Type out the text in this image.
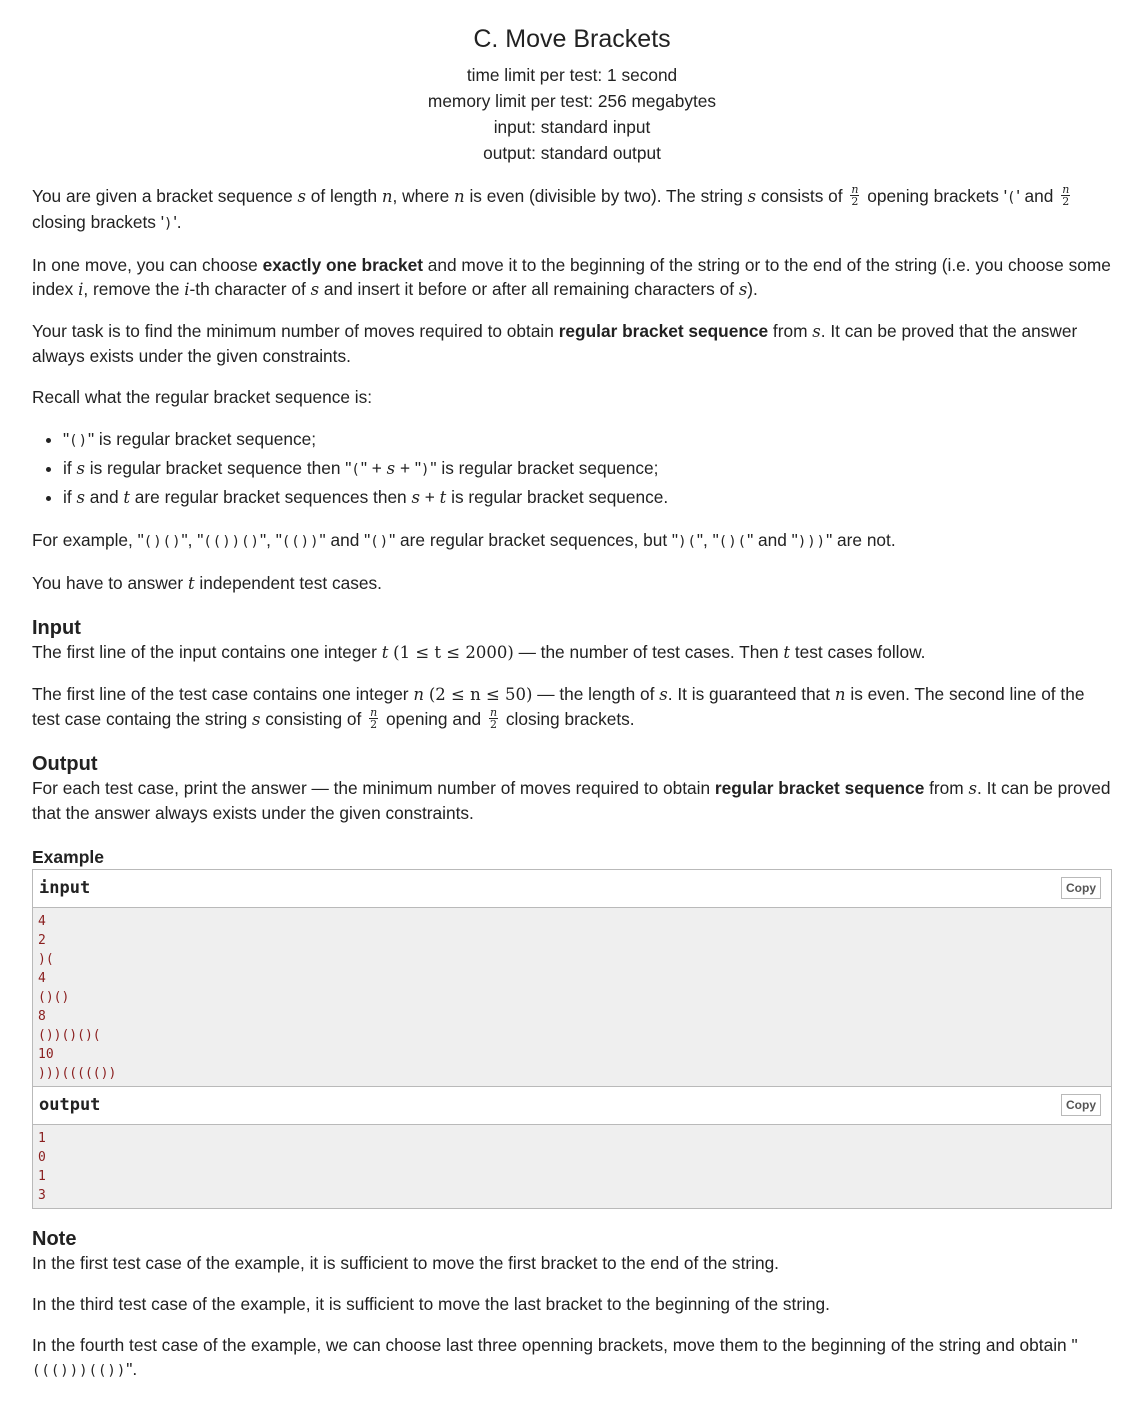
C. Move Brackets
time limit per test: 1 second
memory limit per test: 256 megabytes
input: standard input
output: standard output

You are given a bracket sequence s of length n, where n is even (divisible by two). The string s consists of $\frac{n}{2}$ opening brackets '(' and $\frac{n}{2}$

closing brackets ')'.

In one move, you can choose exactly one bracket and move it to the beginning of the string or to the end of the string (i.e. you choose some index i, remove the i-th character of s and insert it before or after all remaining characters of s).

Your task is to find the minimum number of moves required to obtain regular bracket sequence from s. It can be proved that the answer always exists under the given constraints.

Recall what the regular bracket sequence is:

• "()" is regular bracket sequence;
• if s is regular bracket sequence then "(" + s + ")" is regular bracket sequence;
• if s and t are regular bracket sequences then s + t is regular bracket sequence.

For example, "()()", "(())()", "(())" and "()" are regular bracket sequences, but ")(", "()(" and ")))" are not.

You have to answer t independent test cases.

Input

The first line of the input contains one integer t (1 ≤ t ≤ 2000) — the number of test cases. Then t test cases follow.

The first line of the test case contains one integer n (2 ≤ n ≤ 50) — the length of s. It is guaranteed that n is even. The second line of the test case containg the string s consisting of $\frac{n}{2}$ opening and $\frac{n}{2}$ closing brackets.

Output

For each test case, print the answer — the minimum number of moves required to obtain regular bracket sequence from s. It can be proved that the answer always exists under the given constraints.

Example
input	Copy
4
2
)(
4
()()
8
())()()(
10
)))((((())
output	Copy
1
0
1
3
Note

In the first test case of the example, it is sufficient to move the first bracket to the end of the string.

In the third test case of the example, it is sufficient to move the last bracket to the beginning of the string.

In the fourth test case of the example, we can choose last three openning brackets, move them to the beginning of the string and obtain "((()))(())".
